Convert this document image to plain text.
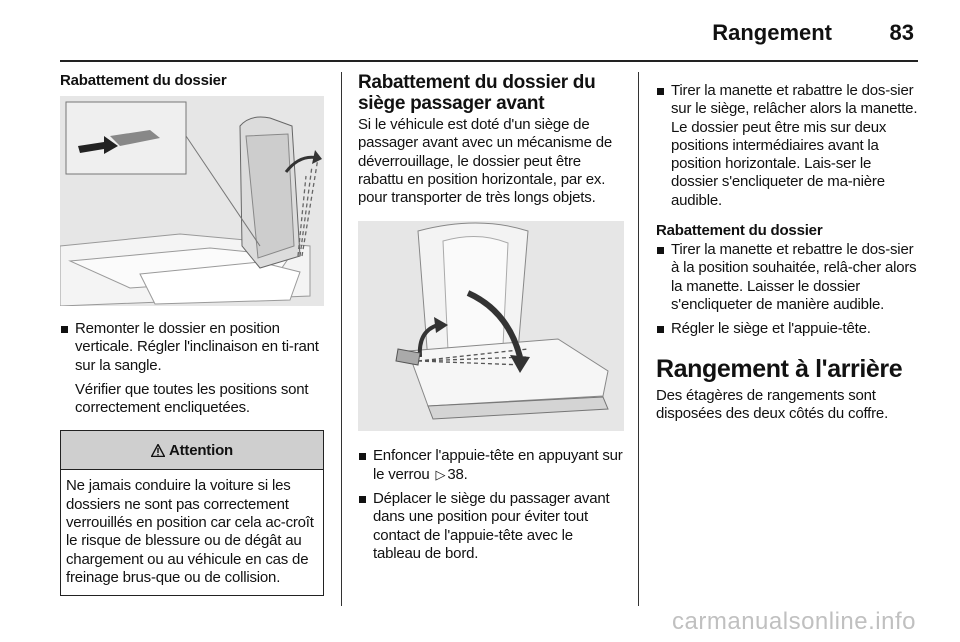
Rangement	83

Rabattement du dossier

Remonter le dossier en position verticale. Régler l'inclinaison en ti-rant sur la sangle.

Vérifier que toutes les positions sont correctement encliquetées.

Attention
Ne jamais conduire la voiture si les dossiers ne sont pas correctement verrouillés en position car cela ac-croît le risque de blessure ou de dégât au chargement ou au véhicule en cas de freinage brus-que ou de collision.

Rabattement du dossier du siège passager avant

Si le véhicule est doté d'un siège de passager avant avec un mécanisme de déverrouillage, le dossier peut être rabattu en position horizontale, par ex. pour transporter de très longs objets.

Enfoncer l'appuie-tête en appuyant sur le verrou ▷ 38.
Déplacer le siège du passager avant dans une position pour éviter tout contact de l'appuie-tête avec le tableau de bord.
Tirer la manette et rabattre le dos-sier sur le siège, relâcher alors la manette. Le dossier peut être mis sur deux positions intermédiaires avant la position horizontale. Lais-ser le dossier s'encliqueter de ma-nière audible.

Rabattement du dossier

Tirer la manette et rebattre le dos-sier à la position souhaitée, relâ-cher alors la manette. Laisser le dossier s'encliqueter de manière audible.
Régler le siège et l'appuie-tête.

Rangement à l'arrière

Des étagères de rangements sont disposées des deux côtés du coffre.

carmanualsonline.info
